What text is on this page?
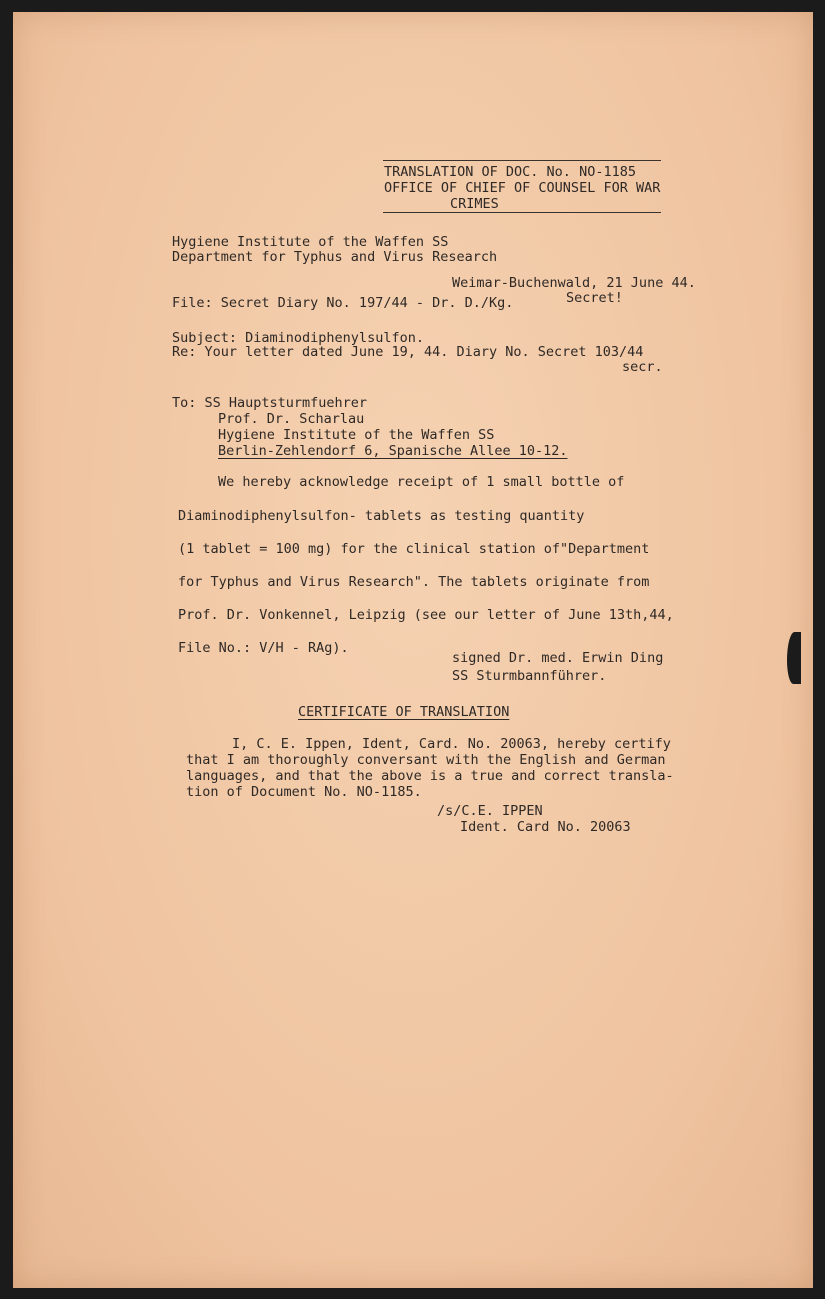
TRANSLATION OF DOC. No. NO-1185

OFFICE OF CHIEF OF COUNSEL FOR WAR

CRIMES

Hygiene Institute of the Waffen SS

Department for Typhus and Virus Research

Weimar-Buchenwald, 21 June 44.

File: Secret Diary No. 197/44 - Dr. D./Kg.	Secret!

Subject: Diaminodiphenylsulfon.

Re: Your letter dated June 19, 44. Diary No. Secret 103/44

secr.

To: SS Hauptsturmfuehrer

Prof. Dr. Scharlau

Hygiene Institute of the Waffen SS

Berlin-Zehlendorf 6, Spanische Allee 10-12.

We hereby acknowledge receipt of 1 small bottle of

Diaminodiphenylsulfon- tablets as testing quantity

(1 tablet = 100 mg) for the clinical station of"Department

for Typhus and Virus Research". The tablets originate from

Prof. Dr. Vonkennel, Leipzig (see our letter of June 13th,44,

File No.: V/H - RAg).

signed Dr. med. Erwin Ding

SS Sturmbannführer.

CERTIFICATE OF TRANSLATION

I, C. E. Ippen, Ident, Card. No. 20063, hereby certify

that I am thoroughly conversant with the English and German

languages, and that the above is a true and correct transla-

tion of Document No. NO-1185.

/s/C.E. IPPEN

Ident. Card No. 20063
